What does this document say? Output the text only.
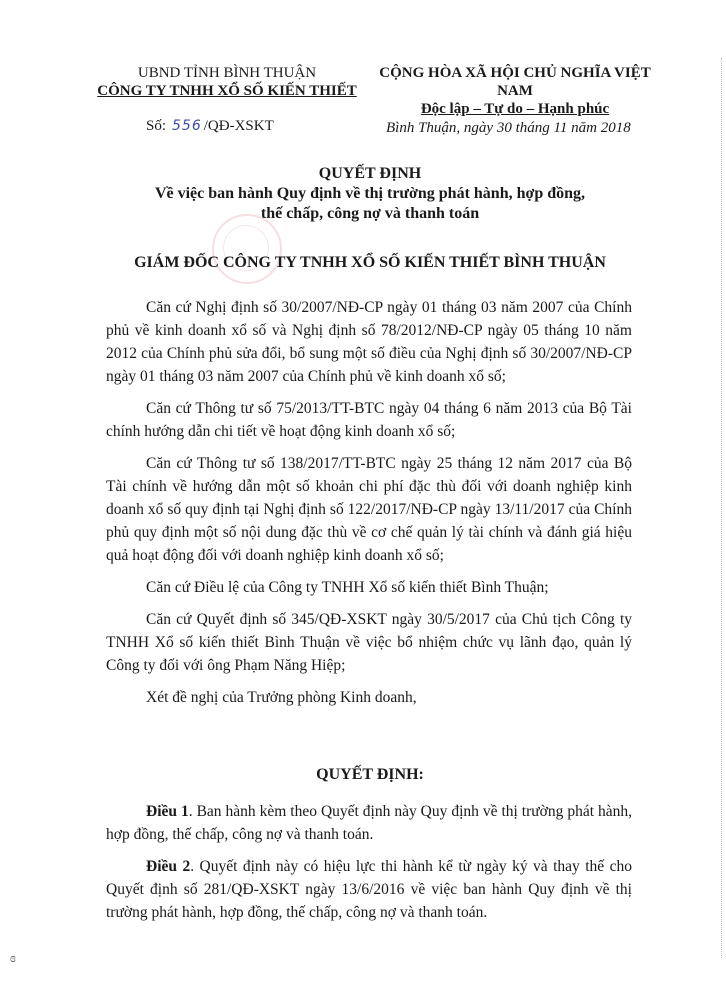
UBND TỈNH BÌNH THUẬN
CÔNG TY TNHH XỔ SỐ KIẾN THIẾT
CỘNG HÒA XÃ HỘI CHỦ NGHĨA VIỆT NAM
Độc lập – Tự do – Hạnh phúc
Số: 556 /QĐ-XSKT	Bình Thuận, ngày 30 tháng 11 năm 2018
QUYẾT ĐỊNH
Về việc ban hành Quy định về thị trường phát hành, hợp đồng,
thế chấp, công nợ và thanh toán
GIÁM ĐỐC CÔNG TY TNHH XỔ SỐ KIẾN THIẾT BÌNH THUẬN

Căn cứ Nghị định số 30/2007/NĐ-CP ngày 01 tháng 03 năm 2007 của Chính phủ về kinh doanh xổ số và Nghị định số 78/2012/NĐ-CP ngày 05 tháng 10 năm 2012 của Chính phủ sửa đổi, bổ sung một số điều của Nghị định số 30/2007/NĐ-CP ngày 01 tháng 03 năm 2007 của Chính phủ về kinh doanh xổ số;

Căn cứ Thông tư số 75/2013/TT-BTC ngày 04 tháng 6 năm 2013 của Bộ Tài chính hướng dẫn chi tiết về hoạt động kinh doanh xổ số;

Căn cứ Thông tư số 138/2017/TT-BTC ngày 25 tháng 12 năm 2017 của Bộ Tài chính về hướng dẫn một số khoản chi phí đặc thù đối với doanh nghiệp kinh doanh xổ số quy định tại Nghị định số 122/2017/NĐ-CP ngày 13/11/2017 của Chính phủ quy định một số nội dung đặc thù về cơ chế quản lý tài chính và đánh giá hiệu quả hoạt động đối với doanh nghiệp kinh doanh xổ số;

Căn cứ Điều lệ của Công ty TNHH Xổ số kiến thiết Bình Thuận;

Căn cứ Quyết định số 345/QĐ-XSKT ngày 30/5/2017 của Chủ tịch Công ty TNHH Xổ số kiến thiết Bình Thuận về việc bổ nhiệm chức vụ lãnh đạo, quản lý Công ty đối với ông Phạm Năng Hiệp;

Xét đề nghị của Trưởng phòng Kinh doanh,

QUYẾT ĐỊNH:

Điều 1. Ban hành kèm theo Quyết định này Quy định về thị trường phát hành, hợp đồng, thế chấp, công nợ và thanh toán.

Điều 2. Quyết định này có hiệu lực thi hành kể từ ngày ký và thay thế cho Quyết định số 281/QĐ-XSKT ngày 13/6/2016 về việc ban hành Quy định về thị trường phát hành, hợp đồng, thế chấp, công nợ và thanh toán.

ɞ
